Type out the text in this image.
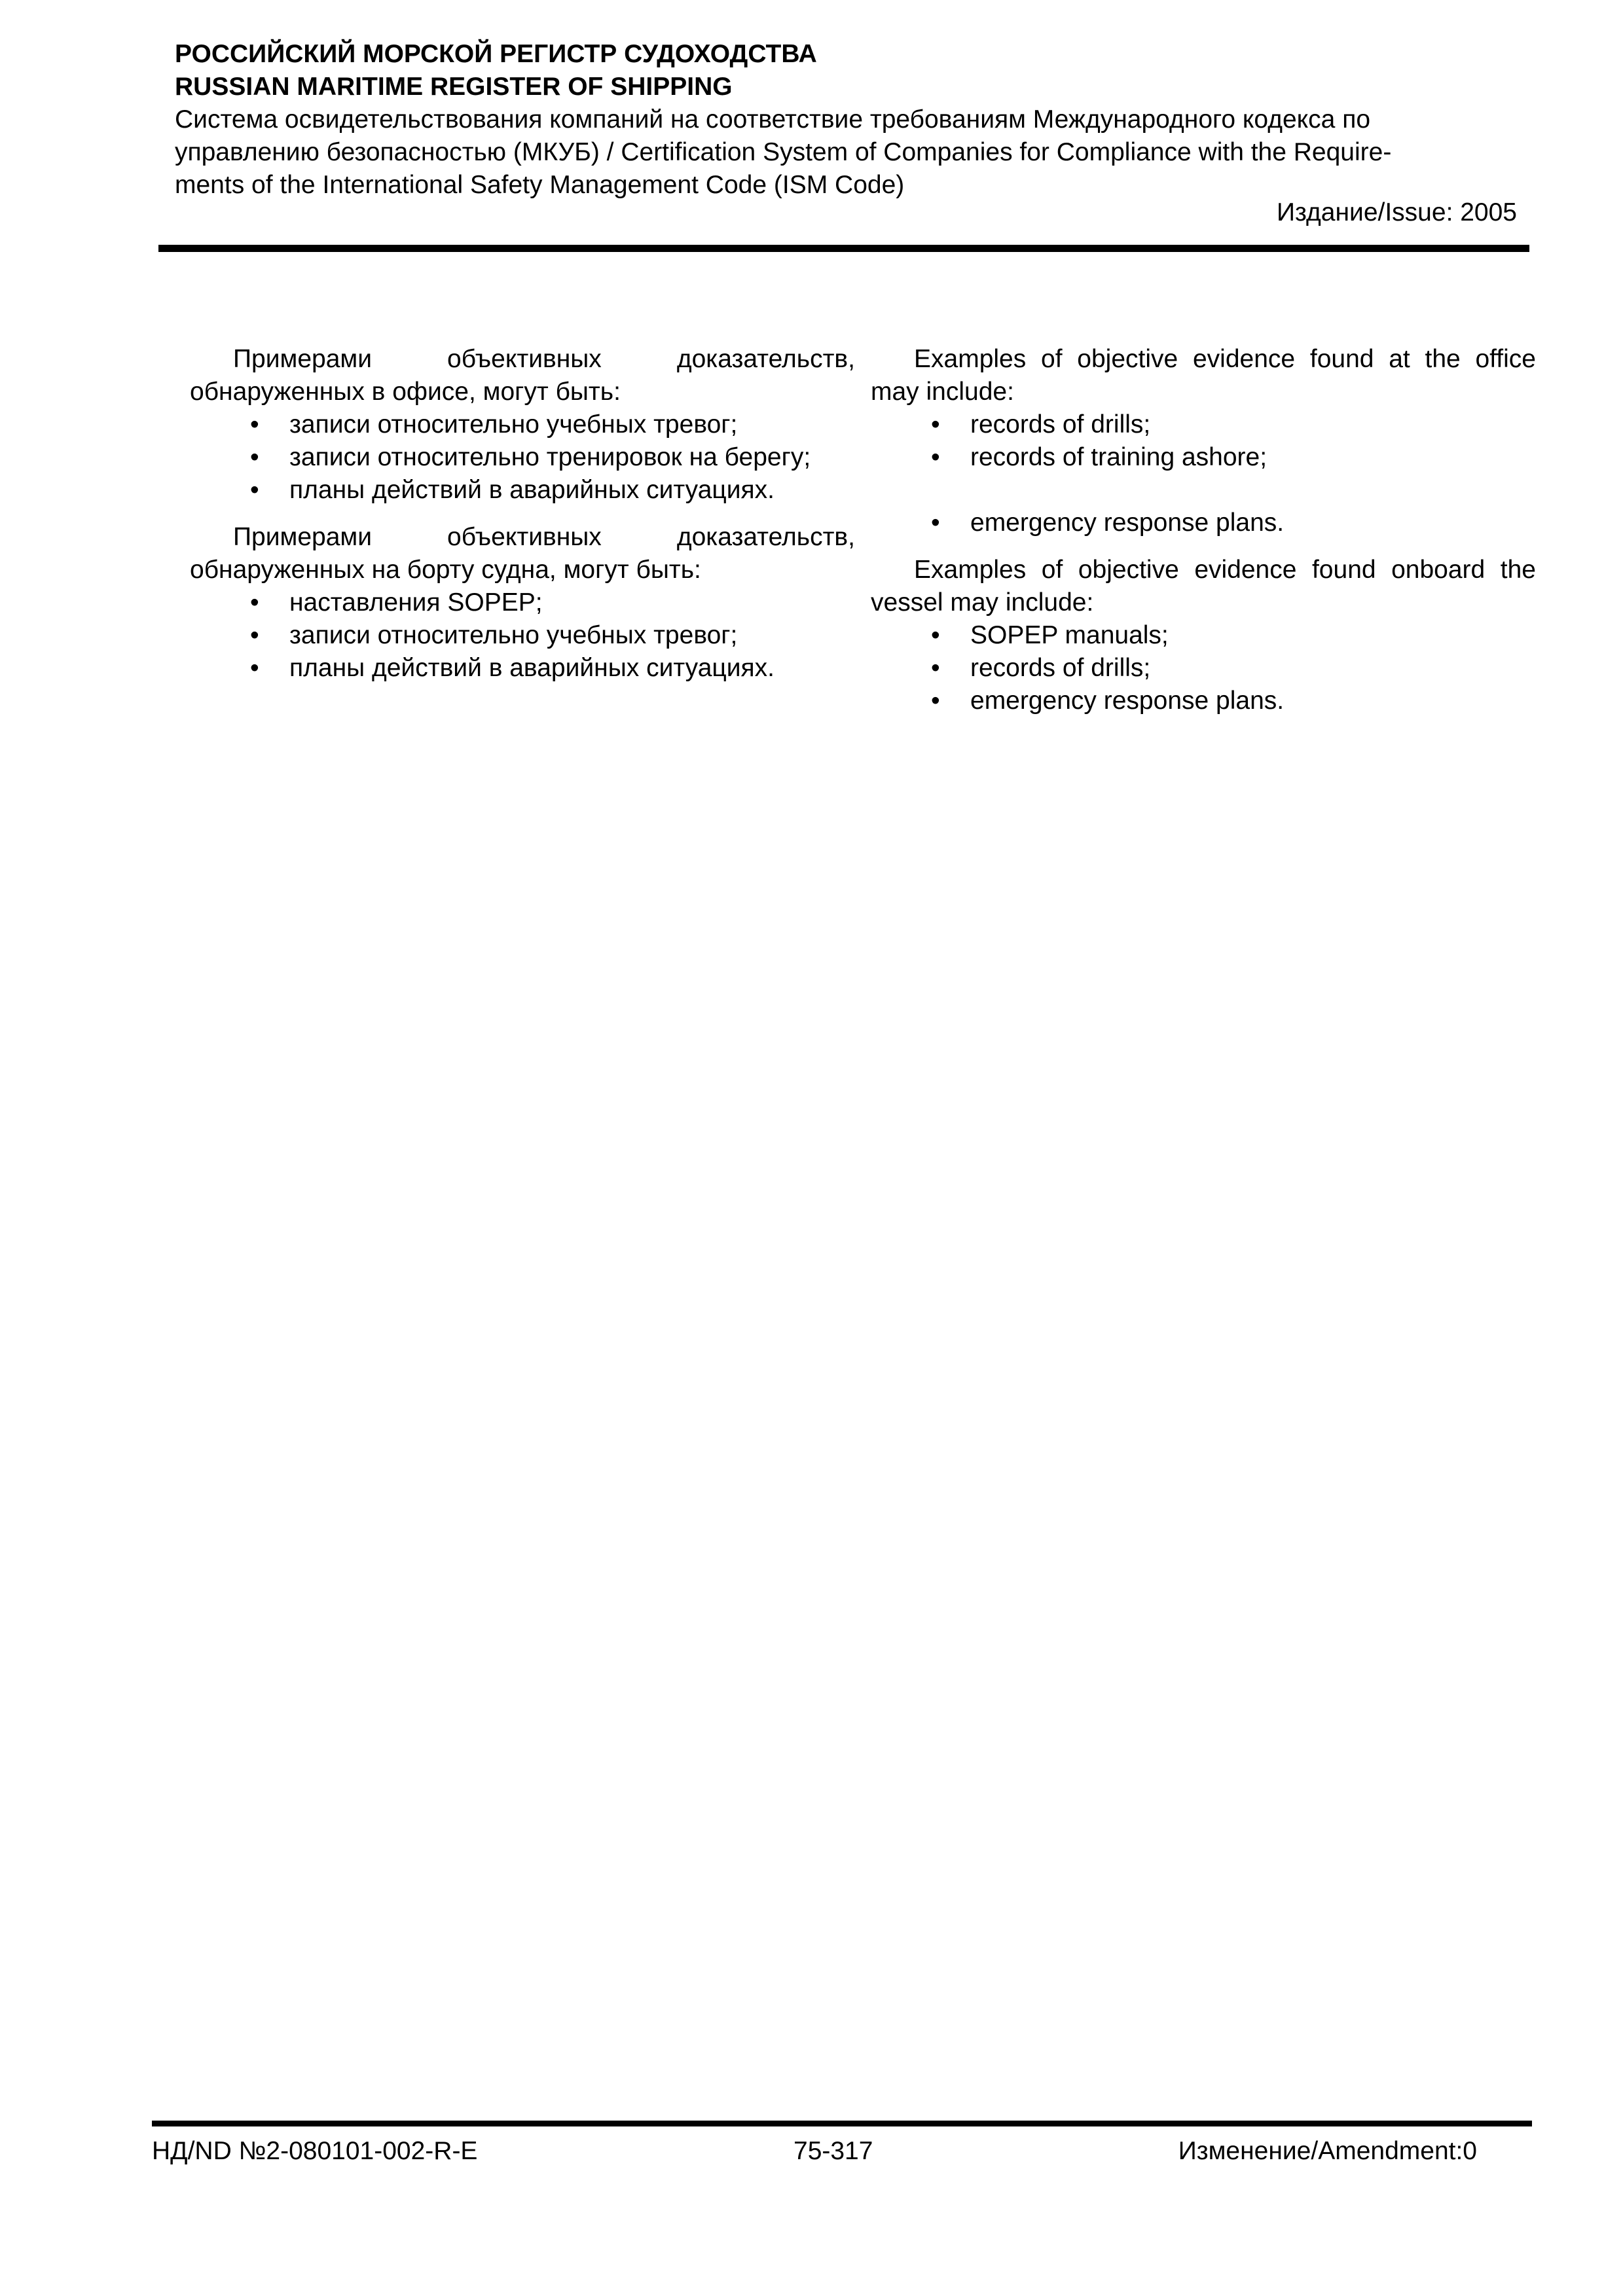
РОССИЙСКИЙ МОРСКОЙ РЕГИСТР СУДОХОДСТВА
RUSSIAN MARITIME REGISTER OF SHIPPING
Система освидетельствования компаний на соответствие требованиям Международного кодекса по
управлению безопасностью (МКУБ) / Certification System of Companies for Compliance with the Require-
ments of the International Safety Management Code (ISM Code)
Издание/Issue: 2005

Примерами объективных доказательств, обнаруженных в офисе, могут быть:

• записи относительно учебных тревог;
• записи относительно тренировок на берегу;
• планы действий в аварийных ситуациях.

Примерами объективных доказательств, обнаруженных на борту судна, могут быть:

• наставления SOPEP;
• записи относительно учебных тревог;
• планы действий в аварийных ситуациях.

Examples of objective evidence found at the office may include:

• records of drills;
• records of training ashore;
• emergency response plans.

Examples of objective evidence found onboard the vessel may include:

• SOPEP manuals;
• records of drills;
• emergency response plans.
НД/ND №2-080101-002-R-E	75-317	Изменение/Amendment:0
